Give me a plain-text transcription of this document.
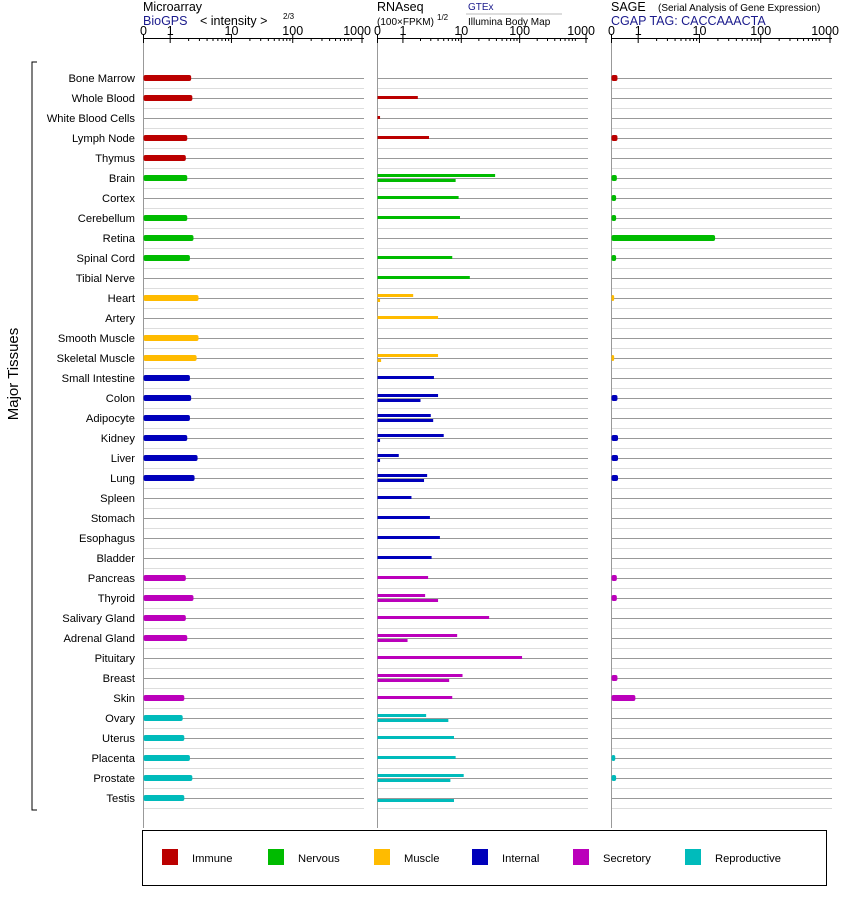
Microarray
BioGPS < intensity > 2/3
RNAseq
(100×FPKM) 1/2
GTEx
Illumina Body Map
SAGE (Serial Analysis of Gene Expression)
CGAP TAG: CACCAAACTA
Major Tissues
Bone Marrow
Whole Blood
White Blood Cells
Lymph Node
Thymus
Brain
Cortex
Cerebellum
Retina
Spinal Cord
Tibial Nerve
Heart
Artery
Smooth Muscle
Skeletal Muscle
Small Intestine
Colon
Adipocyte
Kidney
Liver
Lung
Spleen
Stomach
Esophagus
Bladder
Pancreas
Thyroid
Salivary Gland
Adrenal Gland
Pituitary
Breast
Skin
Ovary
Uterus
Placenta
Prostate
Testis
0 1	10	100	1000 0 1	10	100	1000 0 1	10	100	1000
Immune	Nervous	Muscle	Internal	Secretory	Reproductive
